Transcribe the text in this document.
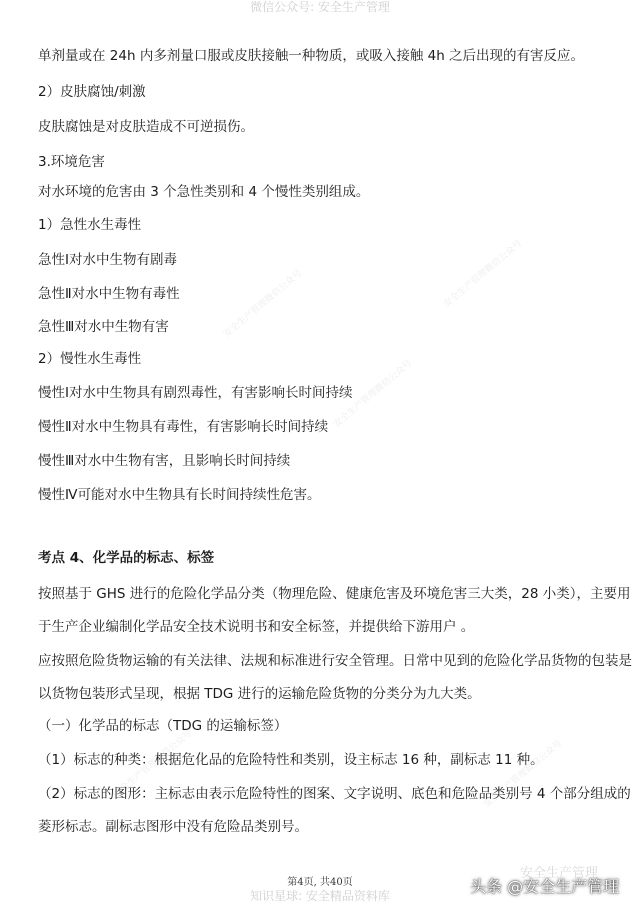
微信公众号: 安全生产管理
安全生产管理微信公众号
安全生产管理微信公众号
安全生产管理微信公众号
安全生产管理微信公众号
安全生产管理微信公众号
单剂量或在 24h 内多剂量口服或皮肤接触一种物质，或吸入接触 4h 之后出现的有害反应。
2）皮肤腐蚀/刺激
皮肤腐蚀是对皮肤造成不可逆损伤。
3.环境危害
对水环境的危害由 3 个急性类别和 4 个慢性类别组成。
1）急性水生毒性
急性Ⅰ对水中生物有剧毒
急性Ⅱ对水中生物有毒性
急性Ⅲ对水中生物有害
2）慢性水生毒性
慢性Ⅰ对水中生物具有剧烈毒性，有害影响长时间持续
慢性Ⅱ对水中生物具有毒性，有害影响长时间持续
慢性Ⅲ对水中生物有害，且影响长时间持续
慢性Ⅳ可能对水中生物具有长时间持续性危害。
考点 4、化学品的标志、标签
按照基于 GHS 进行的危险化学品分类（物理危险、健康危害及环境危害三大类，28 小类），主要用
于生产企业编制化学品安全技术说明书和安全标签，并提供给下游用户 。
应按照危险货物运输的有关法律、法规和标准进行安全管理。日常中见到的危险化学品货物的包装是
以货物包装形式呈现，根据 TDG 进行的运输危险货物的分类分为九大类。
（一）化学品的标志（TDG 的运输标签）
（1）标志的种类：根据危化品的危险特性和类别，设主标志 16 种，副标志 11 种。
（2）标志的图形：主标志由表示危险特性的图案、文字说明、底色和危险品类别号 4 个部分组成的
菱形标志。副标志图形中没有危险品类别号。
安全生产管理
第4页, 共40页
知识星球: 安全精品资料库	头条 @安全生产管理
